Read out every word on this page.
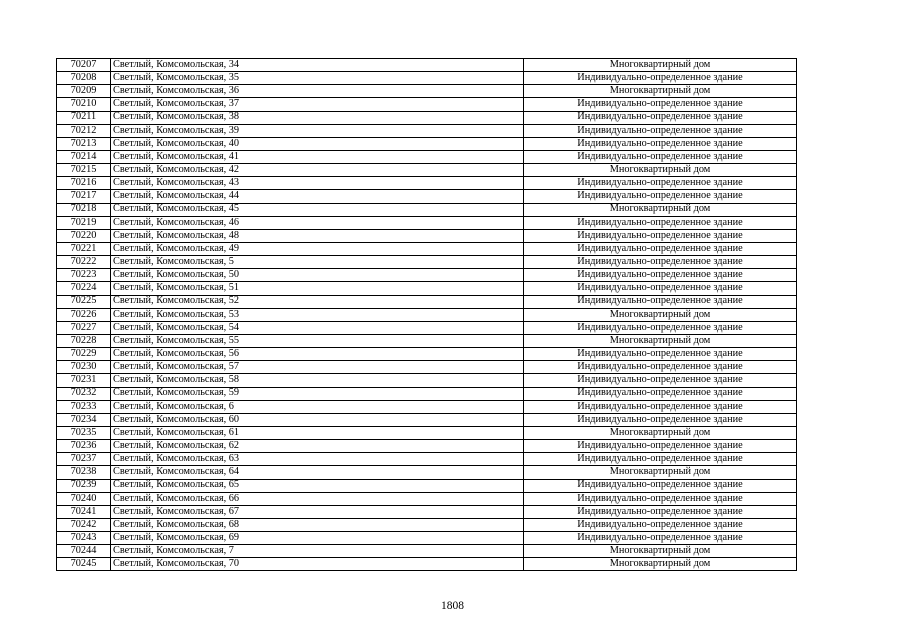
70207	Светлый, Комсомольская, 34	Многоквартирный дом
70208	Светлый, Комсомольская, 35	Индивидуально-определенное здание
70209	Светлый, Комсомольская, 36	Многоквартирный дом
70210	Светлый, Комсомольская, 37	Индивидуально-определенное здание
70211	Светлый, Комсомольская, 38	Индивидуально-определенное здание
70212	Светлый, Комсомольская, 39	Индивидуально-определенное здание
70213	Светлый, Комсомольская, 40	Индивидуально-определенное здание
70214	Светлый, Комсомольская, 41	Индивидуально-определенное здание
70215	Светлый, Комсомольская, 42	Многоквартирный дом
70216	Светлый, Комсомольская, 43	Индивидуально-определенное здание
70217	Светлый, Комсомольская, 44	Индивидуально-определенное здание
70218	Светлый, Комсомольская, 45	Многоквартирный дом
70219	Светлый, Комсомольская, 46	Индивидуально-определенное здание
70220	Светлый, Комсомольская, 48	Индивидуально-определенное здание
70221	Светлый, Комсомольская, 49	Индивидуально-определенное здание
70222	Светлый, Комсомольская, 5	Индивидуально-определенное здание
70223	Светлый, Комсомольская, 50	Индивидуально-определенное здание
70224	Светлый, Комсомольская, 51	Индивидуально-определенное здание
70225	Светлый, Комсомольская, 52	Индивидуально-определенное здание
70226	Светлый, Комсомольская, 53	Многоквартирный дом
70227	Светлый, Комсомольская, 54	Индивидуально-определенное здание
70228	Светлый, Комсомольская, 55	Многоквартирный дом
70229	Светлый, Комсомольская, 56	Индивидуально-определенное здание
70230	Светлый, Комсомольская, 57	Индивидуально-определенное здание
70231	Светлый, Комсомольская, 58	Индивидуально-определенное здание
70232	Светлый, Комсомольская, 59	Индивидуально-определенное здание
70233	Светлый, Комсомольская, 6	Индивидуально-определенное здание
70234	Светлый, Комсомольская, 60	Индивидуально-определенное здание
70235	Светлый, Комсомольская, 61	Многоквартирный дом
70236	Светлый, Комсомольская, 62	Индивидуально-определенное здание
70237	Светлый, Комсомольская, 63	Индивидуально-определенное здание
70238	Светлый, Комсомольская, 64	Многоквартирный дом
70239	Светлый, Комсомольская, 65	Индивидуально-определенное здание
70240	Светлый, Комсомольская, 66	Индивидуально-определенное здание
70241	Светлый, Комсомольская, 67	Индивидуально-определенное здание
70242	Светлый, Комсомольская, 68	Индивидуально-определенное здание
70243	Светлый, Комсомольская, 69	Индивидуально-определенное здание
70244	Светлый, Комсомольская, 7	Многоквартирный дом
70245	Светлый, Комсомольская, 70	Многоквартирный дом
1808
